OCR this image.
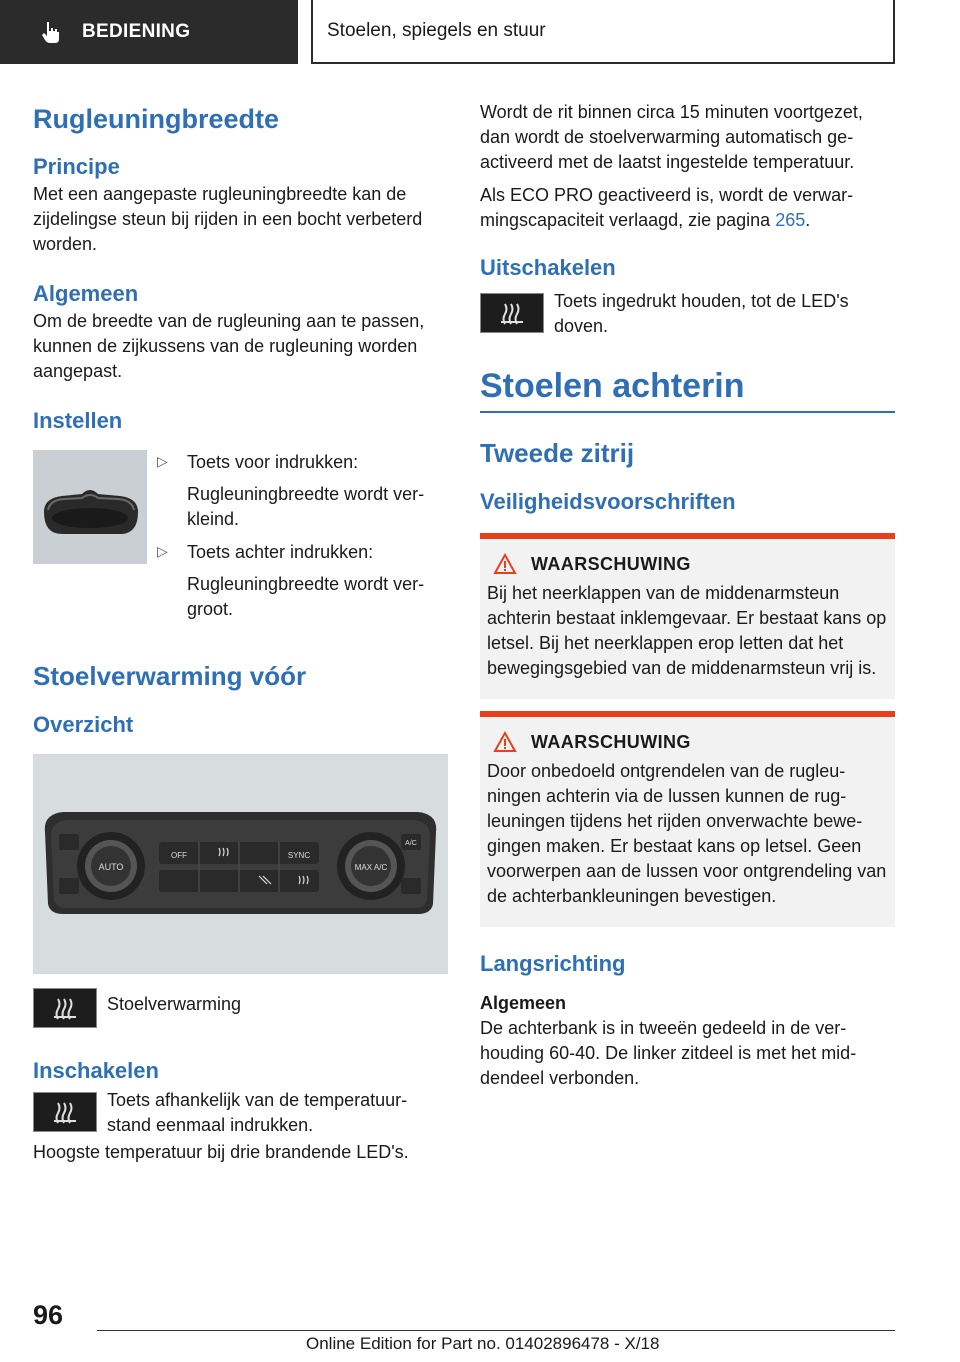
BEDIENING	Stoelen, spiegels en stuur
Rugleuningbreedte
Principe

Met een aangepaste rugleuningbreedte kan de zijdelingse steun bij rijden in een bocht verbeterd worden.

Algemeen

Om de breedte van de rugleuning aan te passen, kunnen de zijkussens van de rugleuning worden aangepast.

Instellen
▷	Toets voor indrukken:

Rugleuningbreedte wordt ver-kleind.

▷	Toets achter indrukken:

Rugleuningbreedte wordt ver-groot.

Stoelverwarming vóór
Overzicht
AUTO
OFF	SYNC
MAX A/C
A/C

Stoelverwarming

Inschakelen

Toets afhankelijk van de temperatuur-stand eenmaal indrukken.

Hoogste temperatuur bij drie brandende LED's.

Wordt de rit binnen circa 15 minuten voortgezet, dan wordt de stoelverwarming automatisch ge-activeerd met de laatst ingestelde temperatuur.

Als ECO PRO geactiveerd is, wordt de verwar-mingscapaciteit verlaagd, zie pagina 265.

Uitschakelen

Toets ingedrukt houden, tot de LED's doven.

Stoelen achterin
Tweede zitrij
Veiligheidsvoorschriften
WAARSCHUWING

Bij het neerklappen van de middenarmsteun achterin bestaat inklemgevaar. Er bestaat kans op letsel. Bij het neerklappen erop letten dat het bewegingsgebied van de middenarmsteun vrij is.

WAARSCHUWING

Door onbedoeld ontgrendelen van de rugleu-ningen achterin via de lussen kunnen de rug-leuningen tijdens het rijden onverwachte bewe-gingen maken. Er bestaat kans op letsel. Geen voorwerpen aan de lussen voor ontgrendeling van de achterbankleuningen bevestigen.

Langsrichting

Algemeen

De achterbank is in tweeën gedeeld in de ver-houding 60-40. De linker zitdeel is met het mid-dendeel verbonden.

96
Online Edition for Part no. 01402896478 - X/18
